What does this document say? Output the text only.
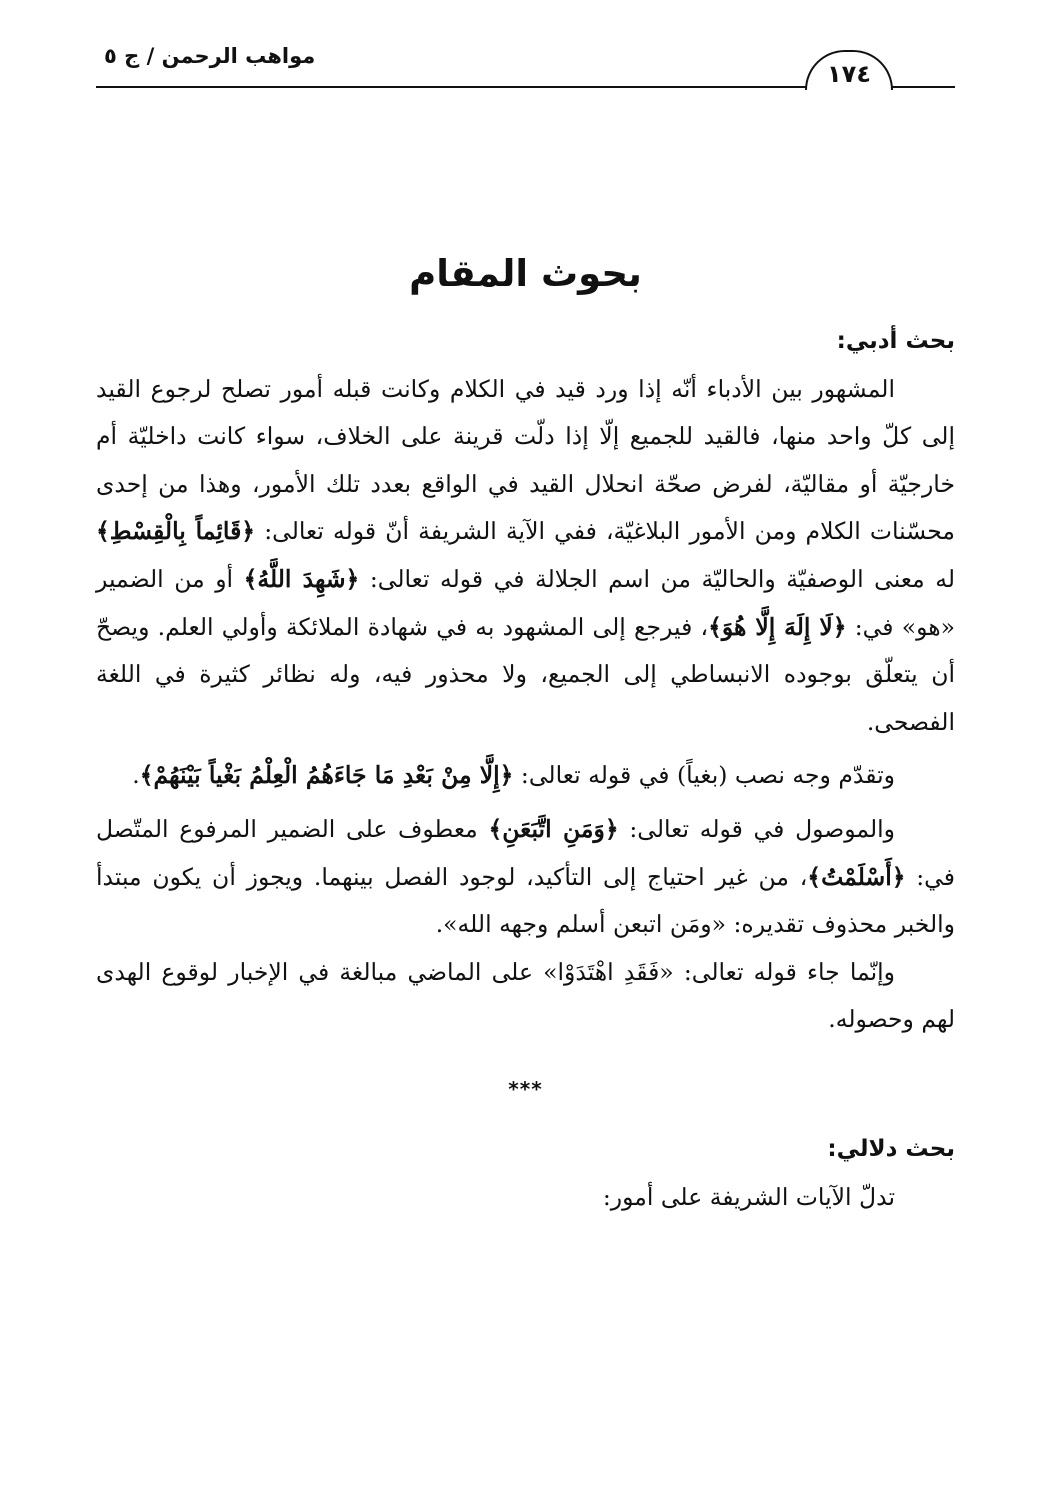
مواهب الرحمن / ج ٥
١٧٤
بحوث المقام

بحث أدبي:

المشهور بين الأدباء أنّه إذا ورد قيد في الكلام وكانت قبله أمور تصلح لرجوع القيد إلى كلّ واحد منها، فالقيد للجميع إلّا إذا دلّت قرينة على الخلاف، سواء كانت داخليّة أم خارجيّة أو مقاليّة، لفرض صحّة انحلال القيد في الواقع بعدد تلك الأمور، وهذا من إحدى محسّنات الكلام ومن الأمور البلاغيّة، ففي الآية الشريفة أنّ قوله تعالى: ﴿قَائِماً بِالْقِسْطِ﴾ له معنى الوصفيّة والحاليّة من اسم الجلالة في قوله تعالى: ﴿شَهِدَ اللَّهُ﴾ أو من الضمير «هو» في: ﴿لَا إِلَهَ إِلَّا هُوَ﴾، فيرجع إلى المشهود به في شهادة الملائكة وأولي العلم. ويصحّ أن يتعلّق بوجوده الانبساطي إلى الجميع، ولا محذور فيه، وله نظائر كثيرة في اللغة الفصحى.

وتقدّم وجه نصب (بغياً) في قوله تعالى: ﴿إِلَّا مِنْ بَعْدِ مَا جَاءَهُمُ الْعِلْمُ بَغْياً بَيْنَهُمْ﴾.

والموصول في قوله تعالى: ﴿وَمَنِ اتَّبَعَنِ﴾ معطوف على الضمير المرفوع المتّصل في: ﴿أَسْلَمْتُ﴾، من غير احتياج إلى التأكيد، لوجود الفصل بينهما. ويجوز أن يكون مبتدأ والخبر محذوف تقديره: «ومَن اتبعن أسلم وجهه الله».

وإنّما جاء قوله تعالى: «فَقَدِ اهْتَدَوْا» على الماضي مبالغة في الإخبار لوقوع الهدى لهم وحصوله.

***

بحث دلالي:

تدلّ الآيات الشريفة على أمور:
